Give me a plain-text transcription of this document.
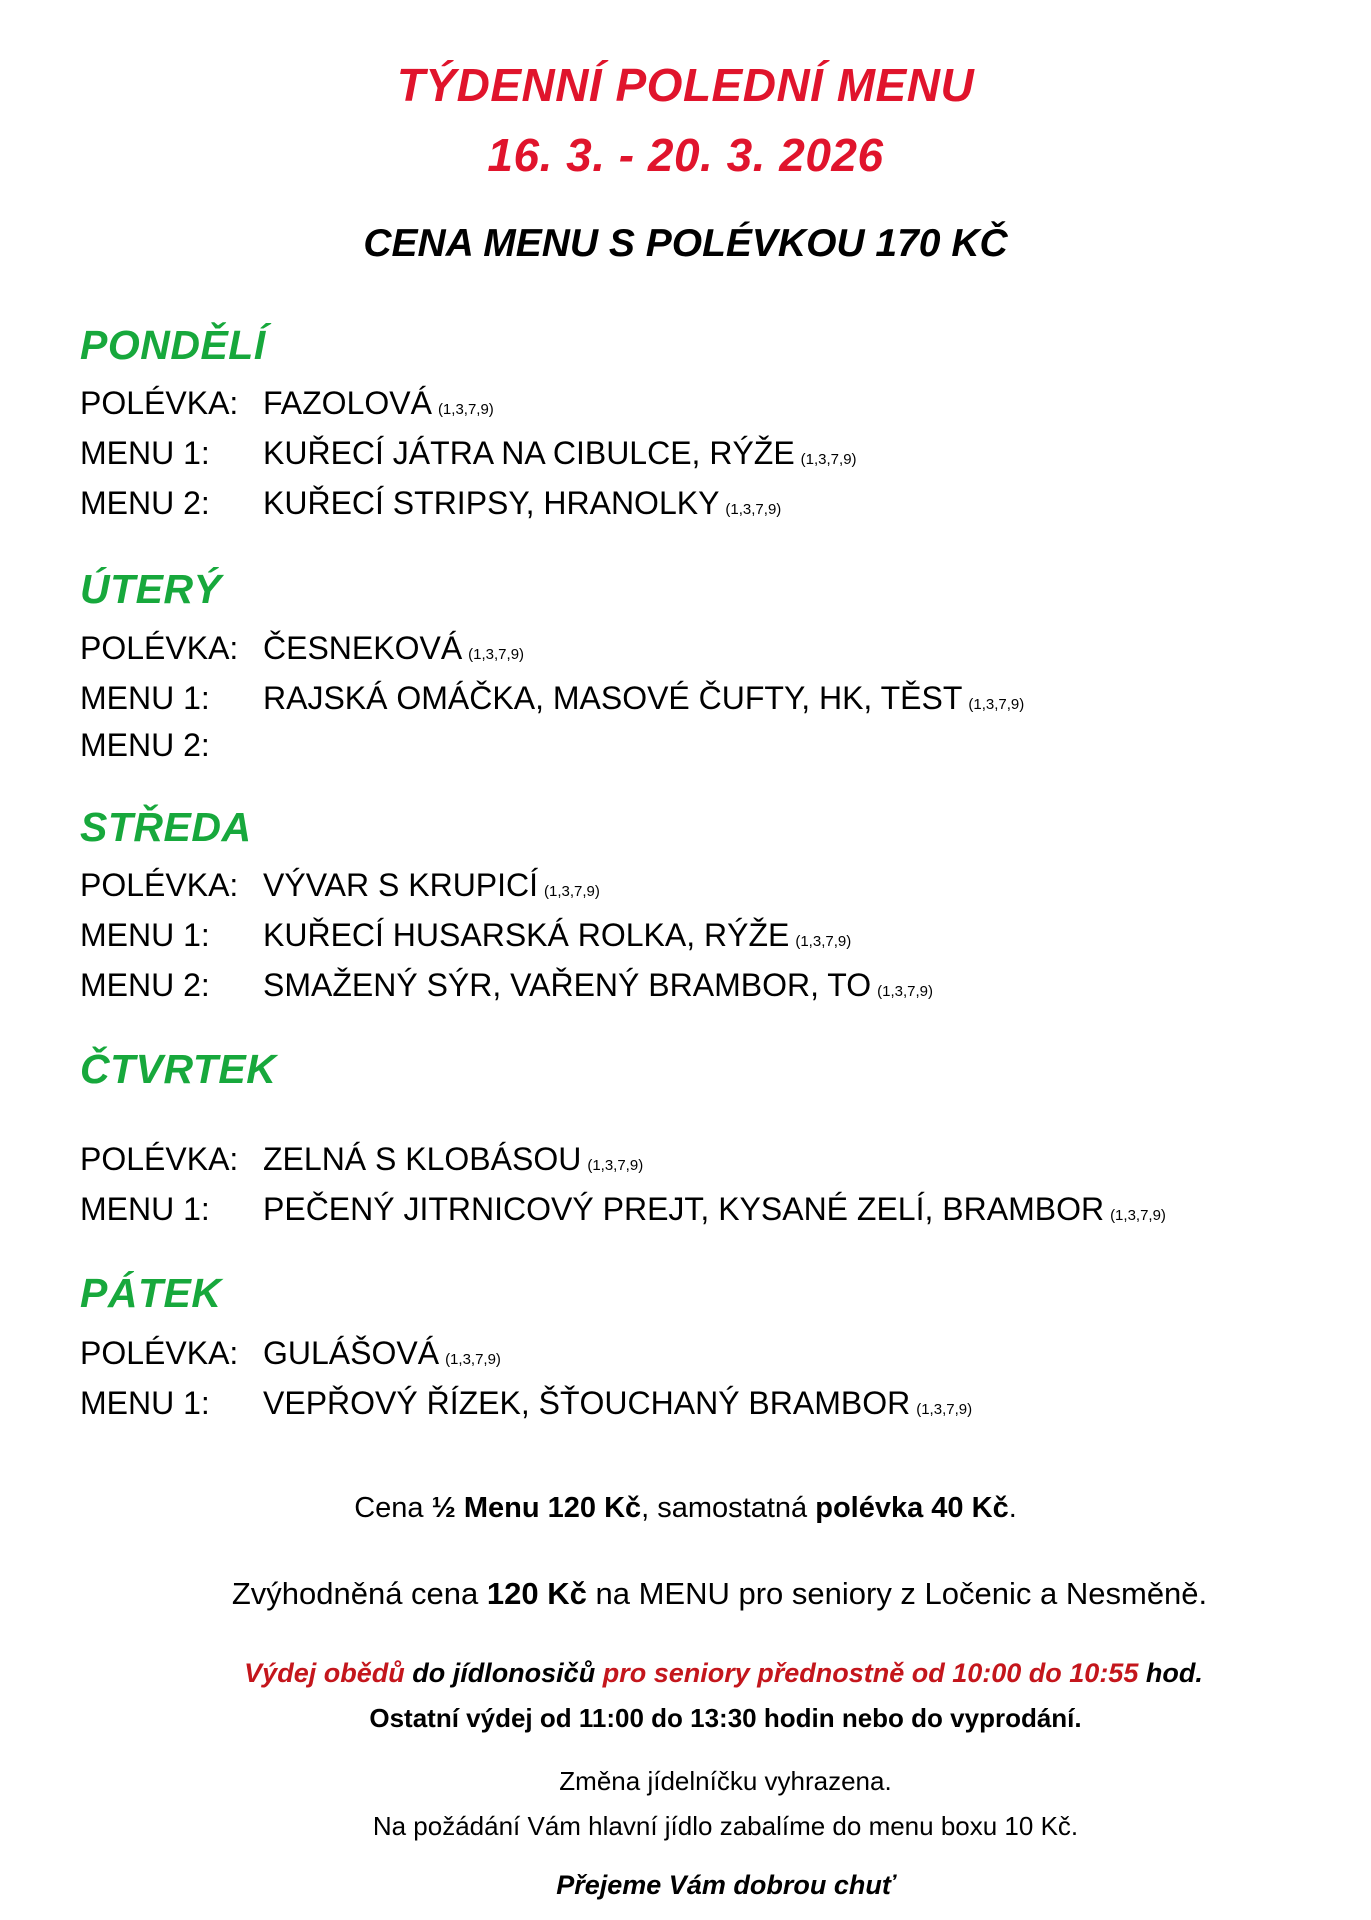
TÝDENNÍ POLEDNÍ MENU
16. 3. - 20. 3. 2026
CENA MENU S POLÉVKOU 170 KČ
PONDĚLÍ
POLÉVKA: FAZOLOVÁ (1,3,7,9)
MENU 1:	KUŘECÍ JÁTRA NA CIBULCE, RÝŽE (1,3,7,9)
MENU 2:	KUŘECÍ STRIPSY, HRANOLKY (1,3,7,9)
ÚTERÝ
POLÉVKA: ČESNEKOVÁ (1,3,7,9)
MENU 1:	RAJSKÁ OMÁČKA, MASOVÉ ČUFTY, HK, TĚST (1,3,7,9)
MENU 2:
STŘEDA
POLÉVKA: VÝVAR S KRUPICÍ (1,3,7,9)
MENU 1:	KUŘECÍ HUSARSKÁ ROLKA, RÝŽE (1,3,7,9)
MENU 2:	SMAŽENÝ SÝR, VAŘENÝ BRAMBOR, TO (1,3,7,9)
ČTVRTEK
POLÉVKA: ZELNÁ S KLOBÁSOU (1,3,7,9)
MENU 1:	PEČENÝ JITRNICOVÝ PREJT, KYSANÉ ZELÍ, BRAMBOR (1,3,7,9)
PÁTEK
POLÉVKA: GULÁŠOVÁ (1,3,7,9)
MENU 1:	VEPŘOVÝ ŘÍZEK, ŠŤOUCHANÝ BRAMBOR (1,3,7,9)
Cena ½ Menu 120 Kč, samostatná polévka 40 Kč.
Zvýhodněná cena 120 Kč na MENU pro seniory z Ločenic a Nesměně.
Výdej obědů do jídlonosičů pro seniory přednostně od 10:00 do 10:55 hod.
Ostatní výdej od 11:00 do 13:30 hodin nebo do vyprodání.
Změna jídelníčku vyhrazena.
Na požádání Vám hlavní jídlo zabalíme do menu boxu 10 Kč.
Přejeme Vám dobrou chuť
